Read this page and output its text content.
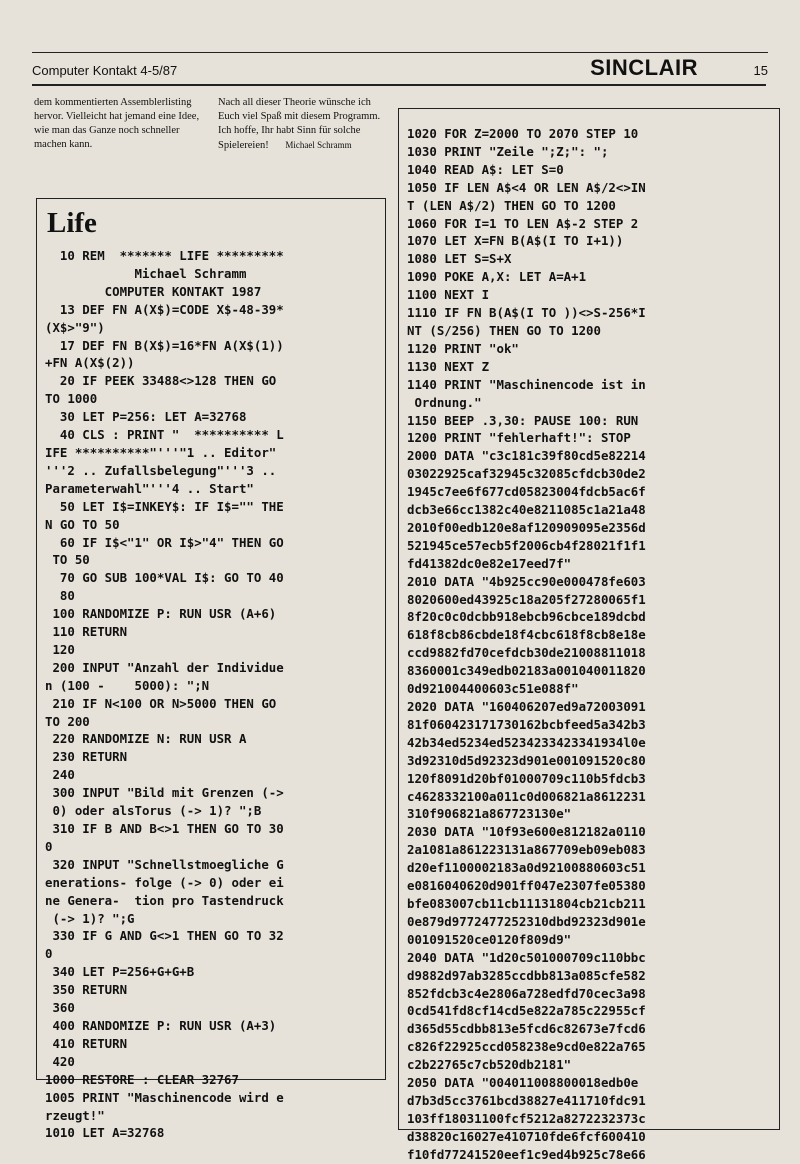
Computer Kontakt 4-5/87	SINCLAIR	15

dem kommentierten Assemblerlisting hervor. Vielleicht hat jemand eine Idee, wie man das Ganze noch schneller machen kann.

Nach all dieser Theorie wünsche ich Euch viel Spaß mit diesem Programm. Ich hoffe, Ihr habt Sinn für solche Spielereien! Michael Schramm

Life
10 REM  ******* LIFE *********
Michael Schramm
COMPUTER KONTAKT 1987
13 DEF FN A(X$)=CODE X$-48-39*
(X$>"9")
17 DEF FN B(X$)=16*FN A(X$(1))
+FN A(X$(2))
20 IF PEEK 33488<>128 THEN GO
TO 1000
30 LET P=256: LET A=32768
40 CLS : PRINT "  ********** L
IFE **********"'''"1 .. Editor"
'''2 .. Zufallsbelegung"'''3 ..
Parameterwahl"'''4 .. Start"
50 LET I$=INKEY$: IF I$="" THE
N GO TO 50
60 IF I$<"1" OR I$>"4" THEN GO
TO 50
70 GO SUB 100*VAL I$: GO TO 40
80
100 RANDOMIZE P: RUN USR (A+6)
110 RETURN
120
200 INPUT "Anzahl der Individue
n (100 -    5000): ";N
210 IF N<100 OR N>5000 THEN GO
TO 200
220 RANDOMIZE N: RUN USR A
230 RETURN
240
300 INPUT "Bild mit Grenzen (->
0) oder alsTorus (-> 1)? ";B
310 IF B AND B<>1 THEN GO TO 30
0
320 INPUT "Schnellstmoegliche G
enerations- folge (-> 0) oder ei
ne Genera-  tion pro Tastendruck
(-> 1)? ";G
330 IF G AND G<>1 THEN GO TO 32
0
340 LET P=256+G+G+B
350 RETURN
360
400 RANDOMIZE P: RUN USR (A+3)
410 RETURN
420
1000 RESTORE : CLEAR 32767
1005 PRINT "Maschinencode wird e
rzeugt!"
1010 LET A=32768
1020 FOR Z=2000 TO 2070 STEP 10
1030 PRINT "Zeile ";Z;": ";
1040 READ A$: LET S=0
1050 IF LEN A$<4 OR LEN A$/2<>IN
T (LEN A$/2) THEN GO TO 1200
1060 FOR I=1 TO LEN A$-2 STEP 2
1070 LET X=FN B(A$(I TO I+1))
1080 LET S=S+X
1090 POKE A,X: LET A=A+1
1100 NEXT I
1110 IF FN B(A$(I TO ))<>S-256*I
NT (S/256) THEN GO TO 1200
1120 PRINT "ok"
1130 NEXT Z
1140 PRINT "Maschinencode ist in
Ordnung."
1150 BEEP .3,30: PAUSE 100: RUN
1200 PRINT "fehlerhaft!": STOP
2000 DATA "c3c181c39f80cd5e82214
03022925caf32945c32085cfdcb30de2
1945c7ee6f677cd05823004fdcb5ac6f
dcb3e66cc1382c40e8211085c1a21a48
2010f00edb120e8af120909095e2356d
521945ce57ecb5f2006cb4f28021f1f1
fd41382dc0e82e17eed7f"
2010 DATA "4b925cc90e000478fe603
8020600ed43925c18a205f27280065f1
8f20c0c0dcbb918ebcb96cbce189dcbd
618f8cb86cbde18f4cbc618f8cb8e18e
ccd9882fd70cefdcb30de21008811018
8360001c349edb02183a001040011820
0d921004400603c51e088f"
2020 DATA "160406207ed9a72003091
81f060423171730162bcbfeed5a342b3
42b34ed5234ed5234233423341934l0e
3d92310d5d92323d901e001091520c80
120f8091d20bf01000709c110b5fdcb3
c4628332100a011c0d006821a8612231
310f906821a867723130e"
2030 DATA "10f93e600e812182a0110
2a1081a861223131a867709eb09eb083
d20ef1100002183a0d92100880603c51
e0816040620d901ff047e2307fe05380
bfe083007cb11cb11131804cb21cb211
0e879d9772477252310dbd92323d901e
001091520ce0120f809d9"
2040 DATA "1d20c501000709c110bbc
d9882d97ab3285ccdbb813a085cfe582
852fdcb3c4e2806a728edfd70cec3a98
0cd541fd8cf14cd5e822a785c22955cf
d365d55cdbb813e5fcd6c82673e7fcd6
c826f22925ccd058238e9cd0e822a765
c2b22765c7cb520db2181"
2050 DATA "004011008800018edb0e
d7b3d5cc3761bcd38827e411710fdc91
103ff18031100fcf5212a8272232373c
d38820c16027e410710fde6fcf600410
f10fd77241520eef1c9ed4b925c78e66
